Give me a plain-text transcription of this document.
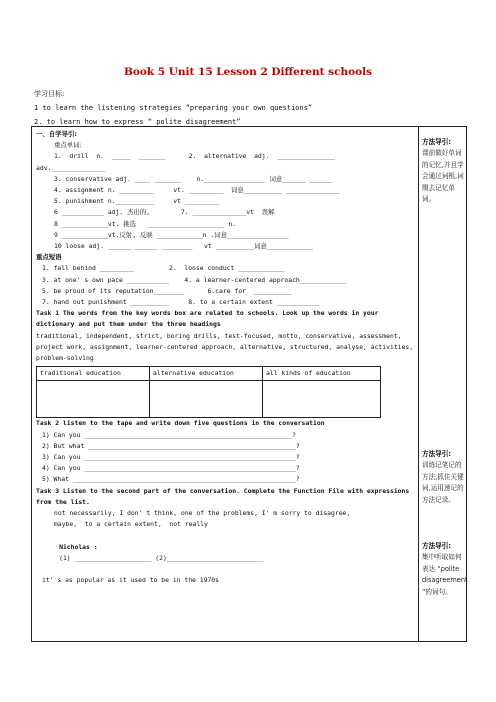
Book 5 Unit 15 Lesson 2 Different schools
学习目标:
1 to learn the listening strategies “preparing your own questions”
2. to learn how to express “ polite disagreement”
一、自学导引:
重点单词:
1.  drill  n.  _____  _______      2.  alternative  adj.  _______________
adv.______________
3. conservative adj. ____ _______    n.________________ 词意______ ______
4. assignment n. _________     vt. _________  词意__________ ______________
5. punishment n.__________     vt _________
6 ___________ adj. 杰出的,        7. ______________vt  误解
8 ____________vt. 挑选   ____________________ n.
9 ____________vt.反射, 反映 ____________n .词意________________
10 loose adj. ______ ______ ________   vt __________词意____________
重点短语
1. fall behind _________         2.  loose conduct ____________
3. at one' s own pace ___________    4. a learner-centered approach____________
5. be proud of its reputation________      6.care for  __________
7. hand out punishment __________     8. to a certain extent ___________
Task 1 The words from the key words box are related to schools. Look up the words in your dictionary and put them under the three headings
traditional, independent, strict, boring drills, test-focused, motto, conservative, assessment, project work, assignment, learner-centered approach, alternative, structured, analyse, activities, problem-solving
traditional education	alternative education	all kinds of education

Task 2 listen to the tape and write down five questions in the conversation
1) Can you ______________________________________________________?
2) But what ______________________________________________________?
3) Can you _______________________________________________________?
4) Can you _______________________________________________________?
5) What __________________________________________________________?
Task 3 Listen to the second part of the conversation. Complete the Function File with expressions from the list.
not necessarily, I don' t think, one of the problems, I' m sorry to disagree,
maybe,  to a certain extent,  not really

Nicholas :
(1) ____________________ (2)_________________________

it' s as popular as it used to be in the 1970s
方法导引:
课前做好单词的记忆,并且学会通过词根,词缀去记忆单词。
方法导引:
训练记笔记的方法,抓住关键词,运用速记的方法记录。
方法导引:
集中听取如何表达 “polite disagreement ”的词句。
